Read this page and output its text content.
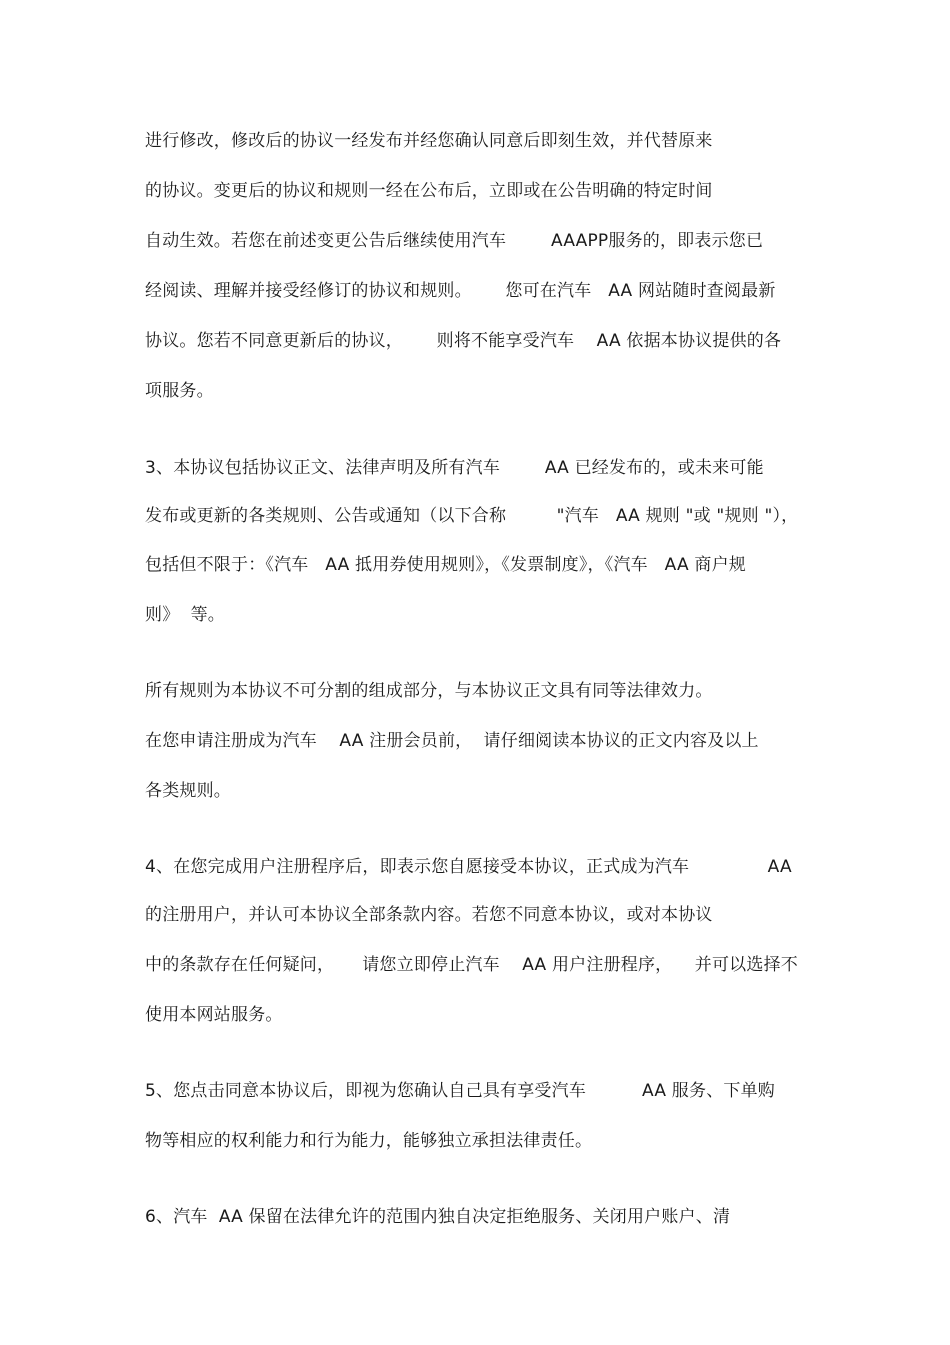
进行修改，修改后的协议一经发布并经您确认同意后即刻生效，并代替原来
的协议。变更后的协议和规则一经在公布后，立即或在公告明确的特定时间
自动生效。若您在前述变更公告后继续使用汽车        AAAPP服务的，即表示您已
经阅读、理解并接受经修订的协议和规则。      您可在汽车   AA 网站随时查阅最新
协议。您若不同意更新后的协议，      则将不能享受汽车    AA 依据本协议提供的各
项服务。
3、本协议包括协议正文、法律声明及所有汽车        AA 已经发布的，或未来可能
发布或更新的各类规则、公告或通知（以下合称         "汽车   AA 规则 "或 "规则 "），
包括但不限于：《汽车   AA 抵用券使用规则》，《发票制度》，《汽车   AA 商户规
则》  等。
所有规则为本协议不可分割的组成部分，与本协议正文具有同等法律效力。
在您申请注册成为汽车    AA 注册会员前，  请仔细阅读本协议的正文内容及以上
各类规则。
4、在您完成用户注册程序后，即表示您自愿接受本协议，正式成为汽车              AA
的注册用户，并认可本协议全部条款内容。若您不同意本协议，或对本协议
中的条款存在任何疑问，     请您立即停止汽车    AA 用户注册程序，    并可以选择不
使用本网站服务。
5、您点击同意本协议后，即视为您确认自己具有享受汽车          AA 服务、下单购
物等相应的权利能力和行为能力，能够独立承担法律责任。
6、汽车  AA 保留在法律允许的范围内独自决定拒绝服务、关闭用户账户、清
